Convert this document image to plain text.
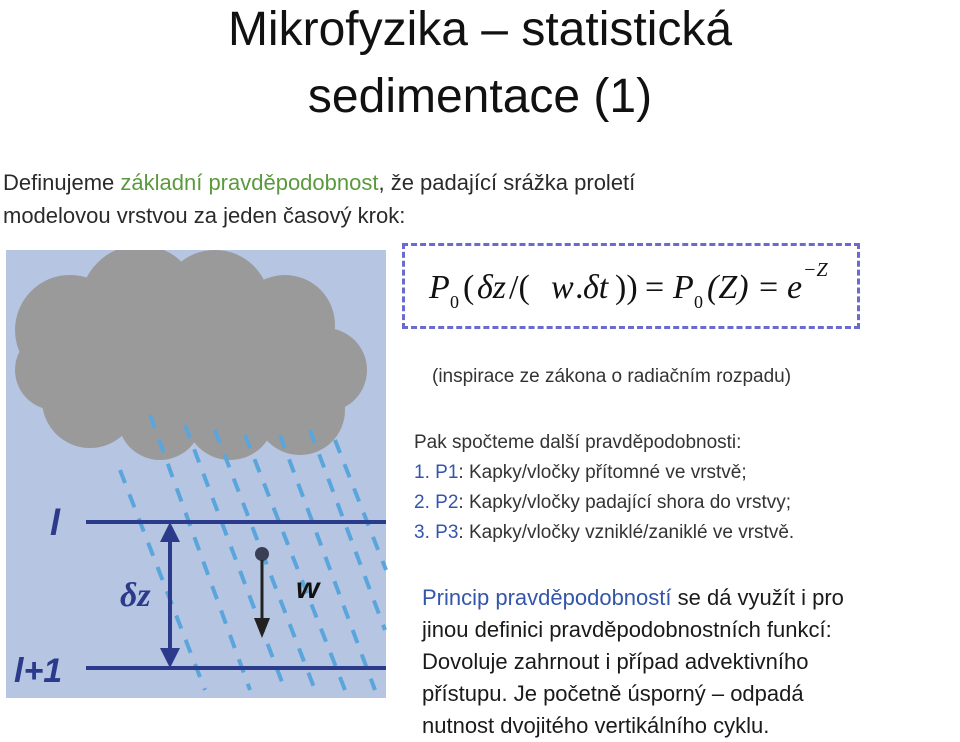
Mikrofyzika – statistická
sedimentace (1)
Definujeme základní pravděpodobnost, že padající srážka proletí
modelovou vrstvou za jeden časový krok:
l
l+1
δz	w
P 0 ( δz /( w . δt )) = P 0 (Z) = e −Z
(inspirace ze zákona o radiačním rozpadu)
Pak spočteme další pravděpodobnosti:
1. P1: Kapky/vločky přítomné ve vrstvě;
2. P2: Kapky/vločky padající shora do vrstvy;
3. P3: Kapky/vločky vzniklé/zaniklé ve vrstvě.
Princip pravděpodobností se dá využít i pro
jinou definici pravděpodobnostních funkcí:
Dovoluje zahrnout i případ advektivního
přístupu. Je početně úsporný – odpadá
nutnost dvojitého vertikálního cyklu.
